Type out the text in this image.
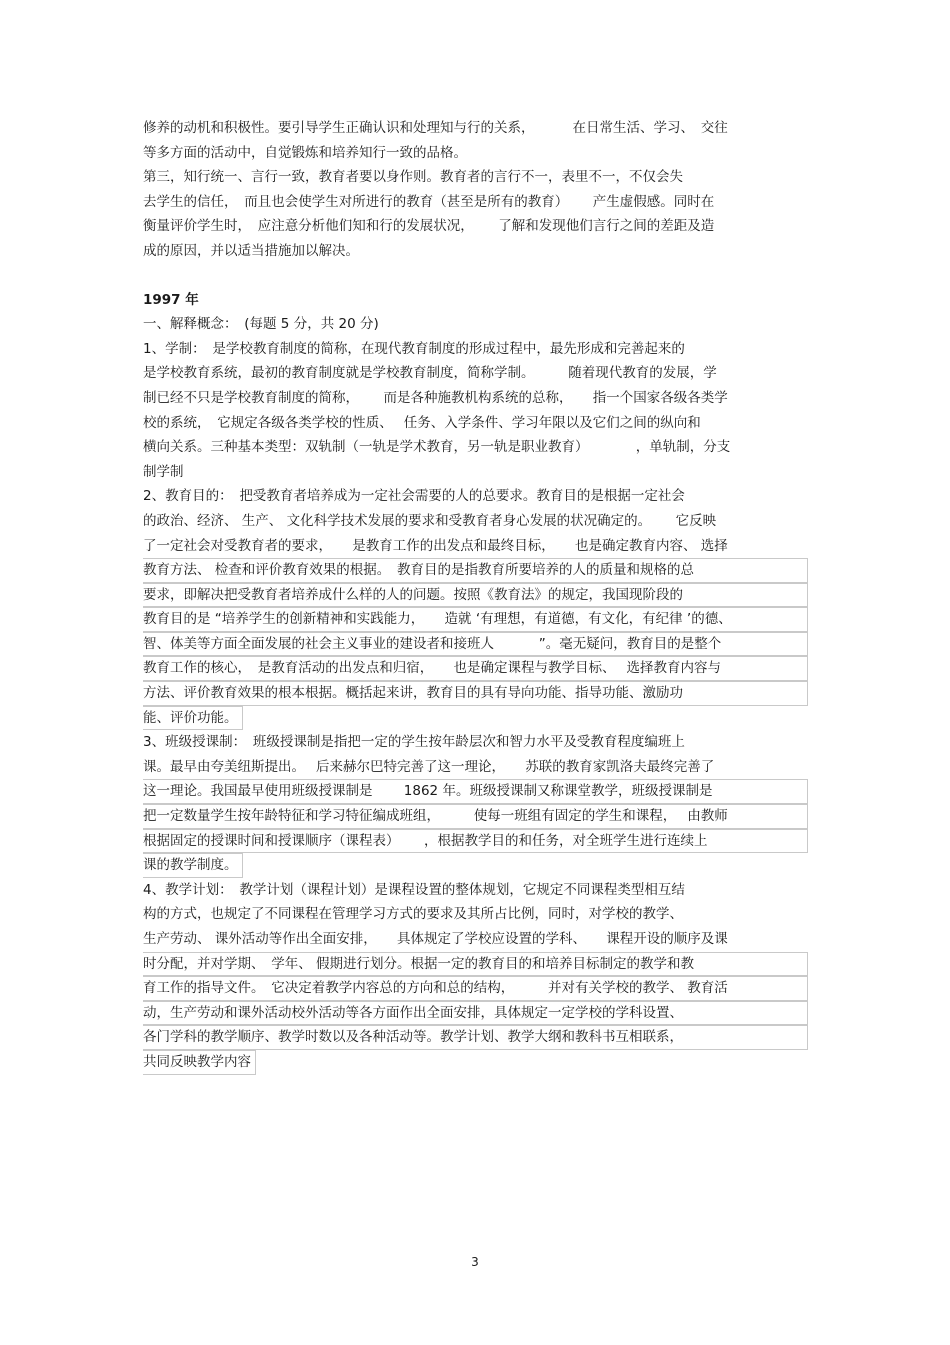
修养的动机和积极性。要引导学生正确认识和处理知与行的关系，　　　 在日常生活、学习、　交往
等多方面的活动中，自觉锻炼和培养知行一致的品格。
第三，知行统一、言行一致，教育者要以身作则。教育者的言行不一，表里不一，不仅会失
去学生的信任，　而且也会使学生对所进行的教育（甚至是所有的教育）　　 产生虚假感。同时在
衡量评价学生时，　应注意分析他们知和行的发展状况，　　 了解和发现他们言行之间的差距及造
成的原因，并以适当措施加以解决。
1997 年
一、解释概念：　(每题 5 分，共 20 分)
1、学制：　是学校教育制度的简称，在现代教育制度的形成过程中，最先形成和完善起来的
是学校教育系统，最初的教育制度就是学校教育制度，简称学制。　　　随着现代教育的发展，学
制已经不只是学校教育制度的简称，　　 而是各种施教机构系统的总称，　　指一个国家各级各类学
校的系统，　它规定各级各类学校的性质、　 任务、入学条件、学习年限以及它们之间的纵向和
横向关系。三种基本类型：双轨制（一轨是学术教育，另一轨是职业教育）　　　　，单轨制，分支
制学制
2、教育目的：　把受教育者培养成为一定社会需要的人的总要求。教育目的是根据一定社会
的政治、经济、 生产、 文化科学技术发展的要求和受教育者身心发展的状况确定的。　　 它反映
了一定社会对受教育者的要求，　　是教育工作的出发点和最终目标，　　也是确定教育内容、 选择
教育方法、 检查和评价教育效果的根据。　教育目的是指教育所要培养的人的质量和规格的总
要求，即解决把受教育者培养成什么样的人的问题。按照《教育法》的规定，我国现阶段的
教育目的是 “培养学生的创新精神和实践能力，　　造就 ‘有理想，有道德，有文化，有纪律 ’的德、
智、体美等方面全面发展的社会主义事业的建设者和接班人　　　 ”。毫无疑问，教育目的是整个
教育工作的核心，　是教育活动的出发点和归宿，　　也是确定课程与教学目标、　 选择教育内容与
方法、评价教育效果的根本根据。概括起来讲，教育目的具有导向功能、指导功能、激励功
能、评价功能。
3、班级授课制：　班级授课制是指把一定的学生按年龄层次和智力水平及受教育程度编班上
课。最早由夸美纽斯提出。　 后来赫尔巴特完善了这一理论，　　苏联的教育家凯洛夫最终完善了
这一理论。我国最早使用班级授课制是　　 1862 年。班级授课制又称课堂教学，班级授课制是
把一定数量学生按年龄特征和学习特征编成班组，　　　使每一班组有固定的学生和课程，　 由教师
根据固定的授课时间和授课顺序（课程表）　　 ，根据教学目的和任务，对全班学生进行连续上
课的教学制度。
4、教学计划：　教学计划（课程计划）是课程设置的整体规划，它规定不同课程类型相互结
构的方式，也规定了不同课程在管理学习方式的要求及其所占比例，同时，对学校的教学、
生产劳动、 课外活动等作出全面安排，　　具体规定了学校应设置的学科、　　课程开设的顺序及课
时分配，并对学期、　学年、 假期进行划分。根据一定的教育目的和培养目标制定的教学和教
育工作的指导文件。　它决定着教学内容总的方向和总的结构，　　　并对有关学校的教学、 教育活
动，生产劳动和课外活动校外活动等各方面作出全面安排，具体规定一定学校的学科设置、
各门学科的教学顺序、教学时数以及各种活动等。教学计划、教学大纲和教科书互相联系，
共同反映教学内容
3
